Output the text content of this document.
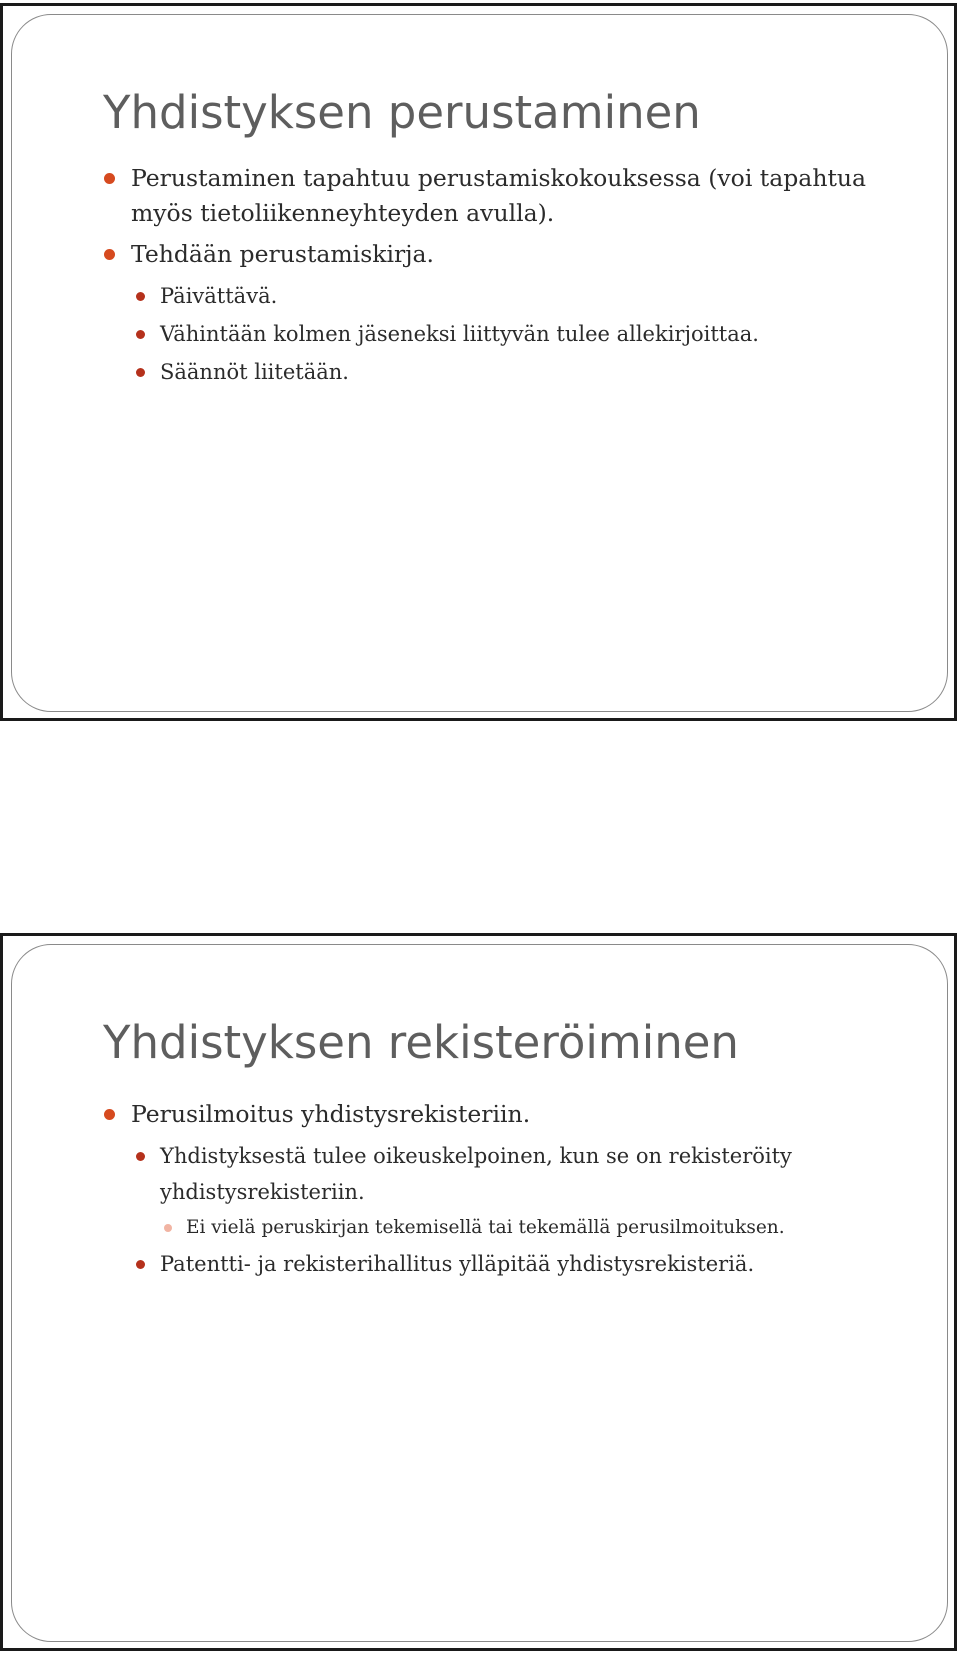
Yhdistyksen perustaminen
Perustaminen tapahtuu perustamiskokouksessa (voi tapahtua myös tietoliikenneyhteyden avulla).
Tehdään perustamiskirja.
Päivättävä.
Vähintään kolmen jäseneksi liittyvän tulee allekirjoittaa.
Säännöt liitetään.
Yhdistyksen rekisteröiminen
Perusilmoitus yhdistysrekisteriin.
Yhdistyksestä tulee oikeuskelpoinen, kun se on rekisteröity yhdistysrekisteriin.
Ei vielä peruskirjan tekemisellä tai tekemällä perusilmoituksen.
Patentti- ja rekisterihallitus ylläpitää yhdistysrekisteriä.
